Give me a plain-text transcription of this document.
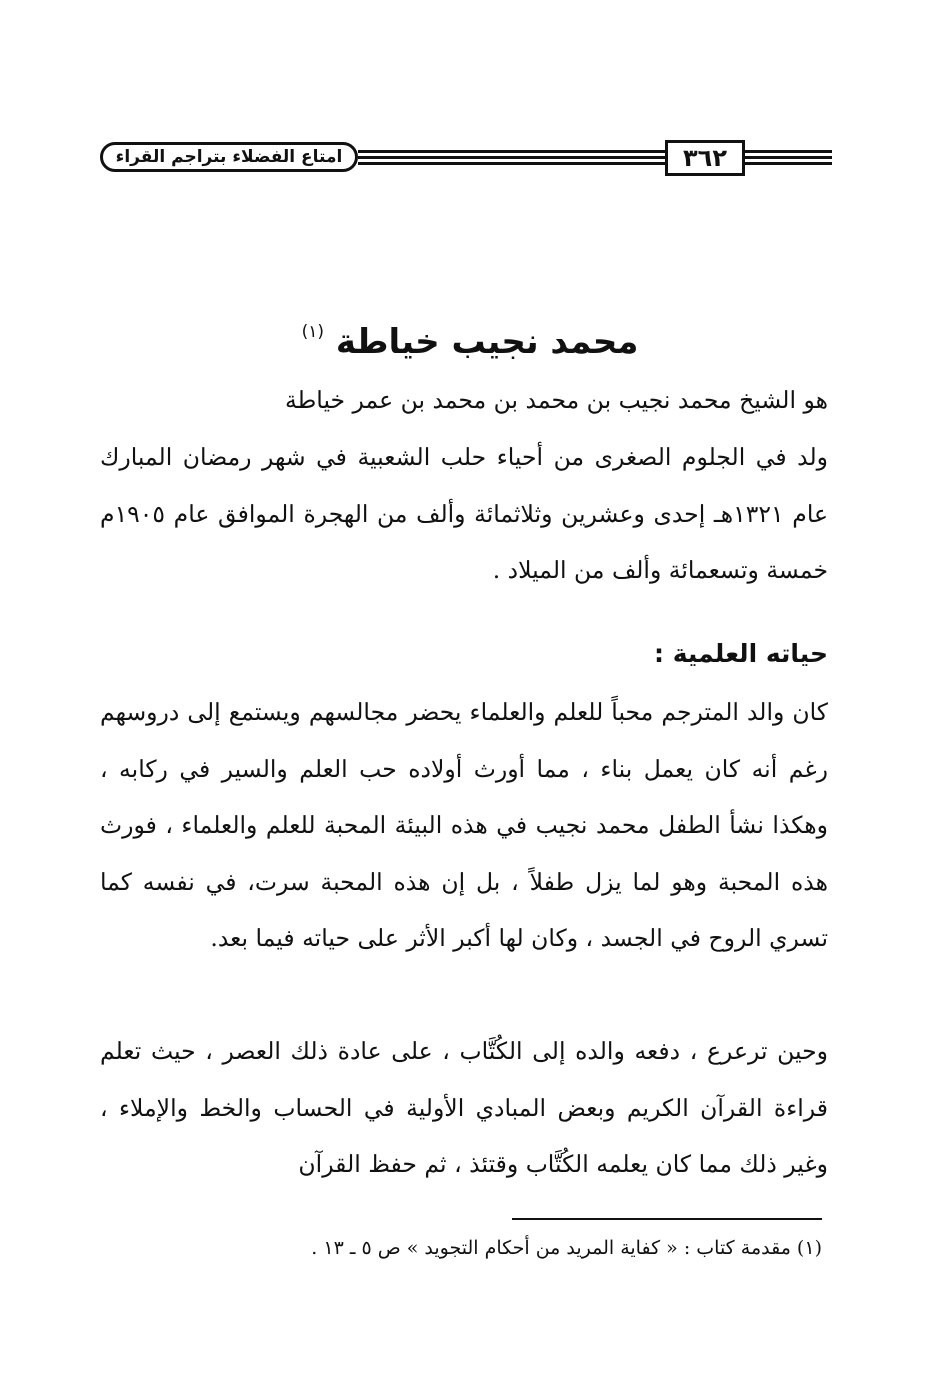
امتاع الفضلاء بتراجم القراء	٣٦٢
محمد نجيب خياطة $^{(١)}$
هو الشيخ محمد نجيب بن محمد بن محمد بن عمر خياطة
ولد في الجلوم الصغرى من أحياء حلب الشعبية في شهر رمضان المبارك عام ١٣٢١هـ إحدى وعشرين وثلاثمائة وألف من الهجرة الموافق عام ١٩٠٥م خمسة وتسعمائة وألف من الميلاد .
حياته العلمية :
كان والد المترجم محباً للعلم والعلماء يحضر مجالسهم ويستمع إلى دروسهم رغم أنه كان يعمل بناء ، مما أورث أولاده حب العلم والسير في ركابه ، وهكذا نشأ الطفل محمد نجيب في هذه البيئة المحبة للعلم والعلماء ، فورث هذه المحبة وهو لما يزل طفلاً ، بل إن هذه المحبة سرت، في نفسه كما تسري الروح في الجسد ، وكان لها أكبر الأثر على حياته فيما بعد.
وحين ترعرع ، دفعه والده إلى الكُتَّاب ، على عادة ذلك العصر ، حيث تعلم قراءة القرآن الكريم وبعض المبادي الأولية في الحساب والخط والإملاء ، وغير ذلك مما كان يعلمه الكُتَّاب وقتئذ ، ثم حفظ القرآن
(١) مقدمة كتاب : « كفاية المريد من أحكام التجويد » ص ٥ ـ ١٣ .
